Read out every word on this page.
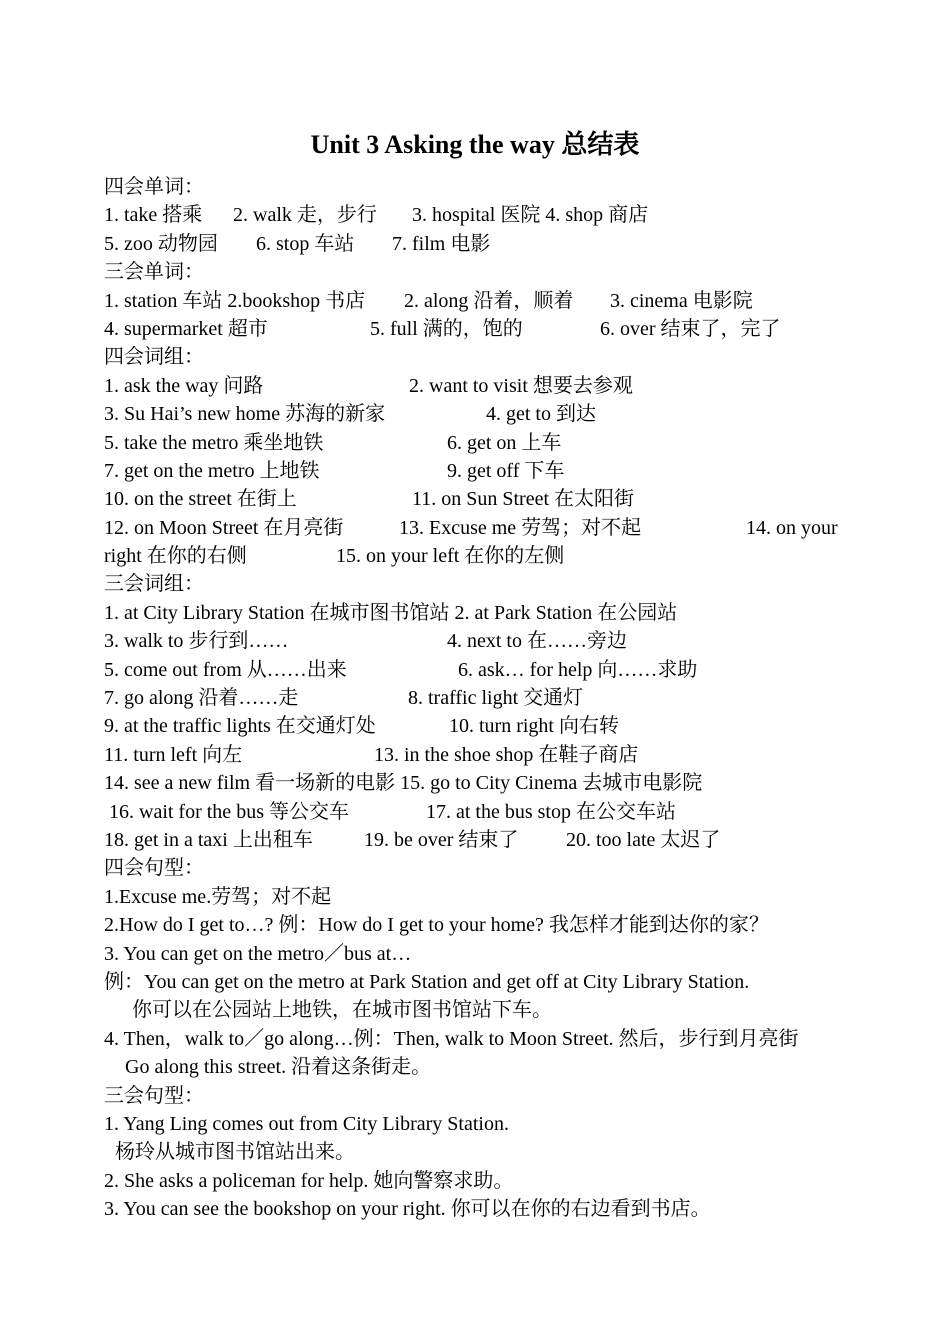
Unit 3 Asking the way 总结表
四会单词：
1. take 搭乘 2. walk 走，步行 3. hospital 医院 4. shop 商店
5. zoo 动物园 6. stop 车站 7. film 电影
三会单词：
1. station 车站 2.bookshop 书店 2. along 沿着，顺着 3. cinema 电影院
4. supermarket 超市	5. full 满的，饱的	6. over 结束了，完了
四会词组：
1. ask the way 问路	2. want to visit 想要去参观
3. Su Hai’s new home 苏海的新家	4. get to 到达
5. take the metro 乘坐地铁	6. get on 上车
7. get on the metro 上地铁	9. get off 下车
10. on the street 在街上	11. on Sun Street 在太阳街
12. on Moon Street 在月亮街	13. Excuse me 劳驾；对不起	14. on your
right 在你的右侧	15. on your left 在你的左侧
三会词组：
1. at City Library Station 在城市图书馆站 2. at Park Station 在公园站
3. walk to 步行到……	4. next to 在……旁边
5. come out from 从……出来	6. ask… for help 向……求助
7. go along 沿着……走	8. traffic light 交通灯
9. at the traffic lights 在交通灯处	10. turn right 向右转
11. turn left 向左	13. in the shoe shop 在鞋子商店
14. see a new film 看一场新的电影 15. go to City Cinema 去城市电影院
16. wait for the bus 等公交车	17. at the bus stop 在公交车站
18. get in a taxi 上出租车	19. be over 结束了 20. too late 太迟了
四会句型：
1.Excuse me.劳驾；对不起
2.How do I get to…? 例：How do I get to your home? 我怎样才能到达你的家？
3. You can get on the metro／bus at…
例：You can get on the metro at Park Station and get off at City Library Station.
你可以在公园站上地铁，在城市图书馆站下车。
4. Then，walk to／go along…例：Then, walk to Moon Street. 然后，步行到月亮街
Go along this street. 沿着这条街走。
三会句型：
1. Yang Ling comes out from City Library Station.
杨玲从城市图书馆站出来。
2. She asks a policeman for help. 她向警察求助。
3. You can see the bookshop on your right. 你可以在你的右边看到书店。
